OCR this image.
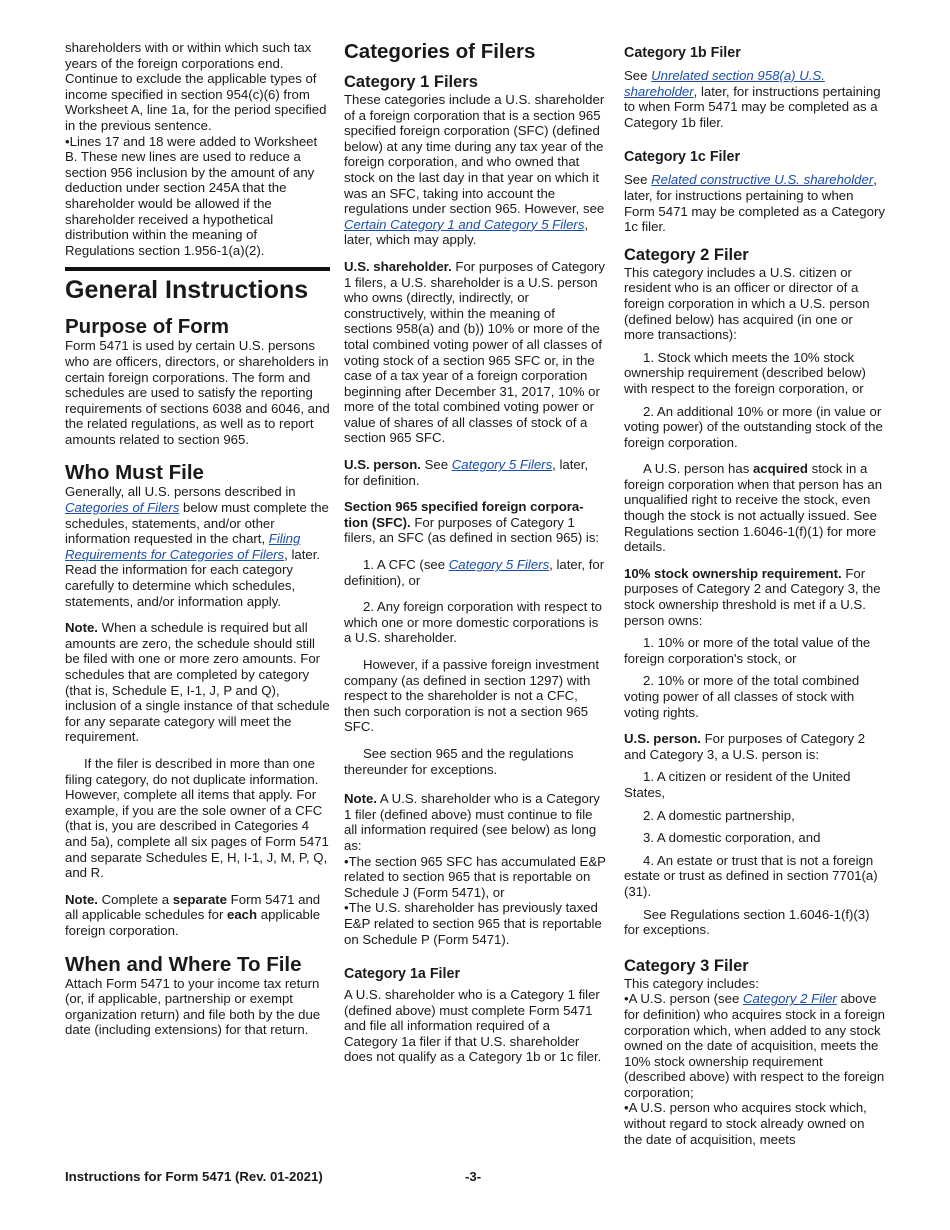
shareholders with or within which such tax years of the foreign corporations end. Continue to exclude the applicable types of income specified in section 954(c)(6) from Worksheet A, line 1a, for the period specified in the previous sentence.

• Lines 17 and 18 were added to Worksheet B. These new lines are used to reduce a section 956 inclusion by the amount of any deduction under section 245A that the shareholder would be allowed if the shareholder received a hypothetical distribution within the meaning of Regulations section 1.956-1(a)(2).

General Instructions
Purpose of Form

Form 5471 is used by certain U.S. persons who are officers, directors, or shareholders in certain foreign corporations. The form and schedules are used to satisfy the reporting requirements of sections 6038 and 6046, and the related regulations, as well as to report amounts related to section 965.

Who Must File

Generally, all U.S. persons described in Categories of Filers below must complete the schedules, statements, and/or other information requested in the chart, Filing Requirements for Categories of Filers, later. Read the information for each category carefully to determine which schedules, statements, and/or information apply.

Note. When a schedule is required but all amounts are zero, the schedule should still be filed with one or more zero amounts. For schedules that are completed by category (that is, Schedule E, I-1, J, P and Q), inclusion of a single instance of that schedule for any separate category will meet the requirement.

If the filer is described in more than one filing category, do not duplicate information. However, complete all items that apply. For example, if you are the sole owner of a CFC (that is, you are described in Categories 4 and 5a), complete all six pages of Form 5471 and separate Schedules E, H, I-1, J, M, P, Q, and R.

Note. Complete a separate Form 5471 and all applicable schedules for each applicable foreign corporation.

When and Where To File

Attach Form 5471 to your income tax return (or, if applicable, partnership or exempt organization return) and file both by the due date (including extensions) for that return.

Categories of Filers
Category 1 Filers

These categories include a U.S. shareholder of a foreign corporation that is a section 965 specified foreign corporation (SFC) (defined below) at any time during any tax year of the foreign corporation, and who owned that stock on the last day in that year on which it was an SFC, taking into account the regulations under section 965. However, see Certain Category 1 and Category 5 Filers, later, which may apply.

U.S. shareholder. For purposes of Category 1 filers, a U.S. shareholder is a U.S. person who owns (directly, indirectly, or constructively, within the meaning of sections 958(a) and (b)) 10% or more of the total combined voting power of all classes of voting stock of a section 965 SFC or, in the case of a tax year of a foreign corporation beginning after December 31, 2017, 10% or more of the total combined voting power or value of shares of all classes of stock of a section 965 SFC.

U.S. person. See Category 5 Filers, later, for definition.

Section 965 specified foreign corpora-tion (SFC). For purposes of Category 1 filers, an SFC (as defined in section 965) is:

1. A CFC (see Category 5 Filers, later, for definition), or

2. Any foreign corporation with respect to which one or more domestic corporations is a U.S. shareholder.

However, if a passive foreign investment company (as defined in section 1297) with respect to the shareholder is not a CFC, then such corporation is not a section 965 SFC.

See section 965 and the regulations thereunder for exceptions.

Note. A U.S. shareholder who is a Category 1 filer (defined above) must continue to file all information required (see below) as long as:

• The section 965 SFC has accumulated E&P related to section 965 that is reportable on Schedule J (Form 5471), or

• The U.S. shareholder has previously taxed E&P related to section 965 that is reportable on Schedule P (Form 5471).

Category 1a Filer

A U.S. shareholder who is a Category 1 filer (defined above) must complete Form 5471 and file all information required of a Category 1a filer if that U.S. shareholder does not qualify as a Category 1b or 1c filer.

Category 1b Filer

See Unrelated section 958(a) U.S. shareholder, later, for instructions pertaining to when Form 5471 may be completed as a Category 1b filer.

Category 1c Filer

See Related constructive U.S. shareholder, later, for instructions pertaining to when Form 5471 may be completed as a Category 1c filer.

Category 2 Filer

This category includes a U.S. citizen or resident who is an officer or director of a foreign corporation in which a U.S. person (defined below) has acquired (in one or more transactions):

1. Stock which meets the 10% stock ownership requirement (described below) with respect to the foreign corporation, or

2. An additional 10% or more (in value or voting power) of the outstanding stock of the foreign corporation.

A U.S. person has acquired stock in a foreign corporation when that person has an unqualified right to receive the stock, even though the stock is not actually issued. See Regulations section 1.6046-1(f)(1) for more details.

10% stock ownership requirement. For purposes of Category 2 and Category 3, the stock ownership threshold is met if a U.S. person owns:

1. 10% or more of the total value of the foreign corporation's stock, or

2. 10% or more of the total combined voting power of all classes of stock with voting rights.

U.S. person. For purposes of Category 2 and Category 3, a U.S. person is:

1. A citizen or resident of the United States,

2. A domestic partnership,

3. A domestic corporation, and

4. An estate or trust that is not a foreign estate or trust as defined in section 7701(a)(31).

See Regulations section 1.6046-1(f)(3) for exceptions.

Category 3 Filer

This category includes:

• A U.S. person (see Category 2 Filer above for definition) who acquires stock in a foreign corporation which, when added to any stock owned on the date of acquisition, meets the 10% stock ownership requirement (described above) with respect to the foreign corporation;

• A U.S. person who acquires stock which, without regard to stock already owned on the date of acquisition, meets

Instructions for Form 5471 (Rev. 01-2021)	-3-
